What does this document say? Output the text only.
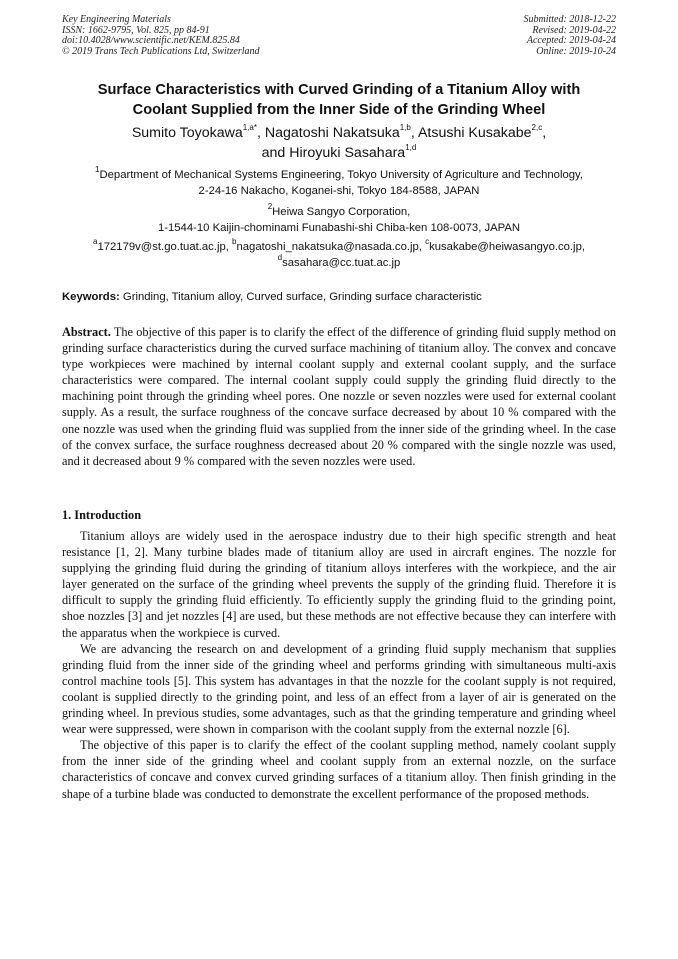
Key Engineering Materials
ISSN: 1662-9795, Vol. 825, pp 84-91
doi:10.4028/www.scientific.net/KEM.825.84
© 2019 Trans Tech Publications Ltd, Switzerland
Submitted: 2018-12-22
Revised: 2019-04-22
Accepted: 2019-04-24
Online: 2019-10-24
Surface Characteristics with Curved Grinding of a Titanium Alloy with
Coolant Supplied from the Inner Side of the Grinding Wheel
Sumito Toyokawa$^{1,a*}$, Nagatoshi Nakatsuka$^{1,b}$, Atsushi Kusakabe$^{2,c}$,
and Hiroyuki Sasahara$^{1,d}$
$^1$Department of Mechanical Systems Engineering, Tokyo University of Agriculture and Technology,
2-24-16 Nakacho, Koganei-shi, Tokyo 184-8588, JAPAN
$^2$Heiwa Sangyo Corporation,
1-1544-10 Kaijin-chominami Funabashi-shi Chiba-ken 108-0073, JAPAN
$^a$172179v@st.go.tuat.ac.jp, $^b$nagatoshi_nakatsuka@nasada.co.jp, $^c$kusakabe@heiwasangyo.co.jp,
$^d$sasahara@cc.tuat.ac.jp
Keywords: Grinding, Titanium alloy, Curved surface, Grinding surface characteristic
Abstract. The objective of this paper is to clarify the effect of the difference of grinding fluid supply method on grinding surface characteristics during the curved surface machining of titanium alloy. The convex and concave type workpieces were machined by internal coolant supply and external coolant supply, and the surface characteristics were compared. The internal coolant supply could supply the grinding fluid directly to the machining point through the grinding wheel pores. One nozzle or seven nozzles were used for external coolant supply. As a result, the surface roughness of the concave surface decreased by about 10 % compared with the one nozzle was used when the grinding fluid was supplied from the inner side of the grinding wheel. In the case of the convex surface, the surface roughness decreased about 20 % compared with the single nozzle was used, and it decreased about 9 % compared with the seven nozzles were used.
1. Introduction

Titanium alloys are widely used in the aerospace industry due to their high specific strength and heat resistance [1, 2]. Many turbine blades made of titanium alloy are used in aircraft engines. The nozzle for supplying the grinding fluid during the grinding of titanium alloys interferes with the workpiece, and the air layer generated on the surface of the grinding wheel prevents the supply of the grinding fluid. Therefore it is difficult to supply the grinding fluid efficiently. To efficiently supply the grinding fluid to the grinding point, shoe nozzles [3] and jet nozzles [4] are used, but these methods are not effective because they can interfere with the apparatus when the workpiece is curved.

We are advancing the research on and development of a grinding fluid supply mechanism that supplies grinding fluid from the inner side of the grinding wheel and performs grinding with simultaneous multi-axis control machine tools [5]. This system has advantages in that the nozzle for the coolant supply is not required, coolant is supplied directly to the grinding point, and less of an effect from a layer of air is generated on the grinding wheel. In previous studies, some advantages, such as that the grinding temperature and grinding wheel wear were suppressed, were shown in comparison with the coolant supply from the external nozzle [6].

The objective of this paper is to clarify the effect of the coolant suppling method, namely coolant supply from the inner side of the grinding wheel and coolant supply from an external nozzle, on the surface characteristics of concave and convex curved grinding surfaces of a titanium alloy. Then finish grinding in the shape of a turbine blade was conducted to demonstrate the excellent performance of the proposed methods.
